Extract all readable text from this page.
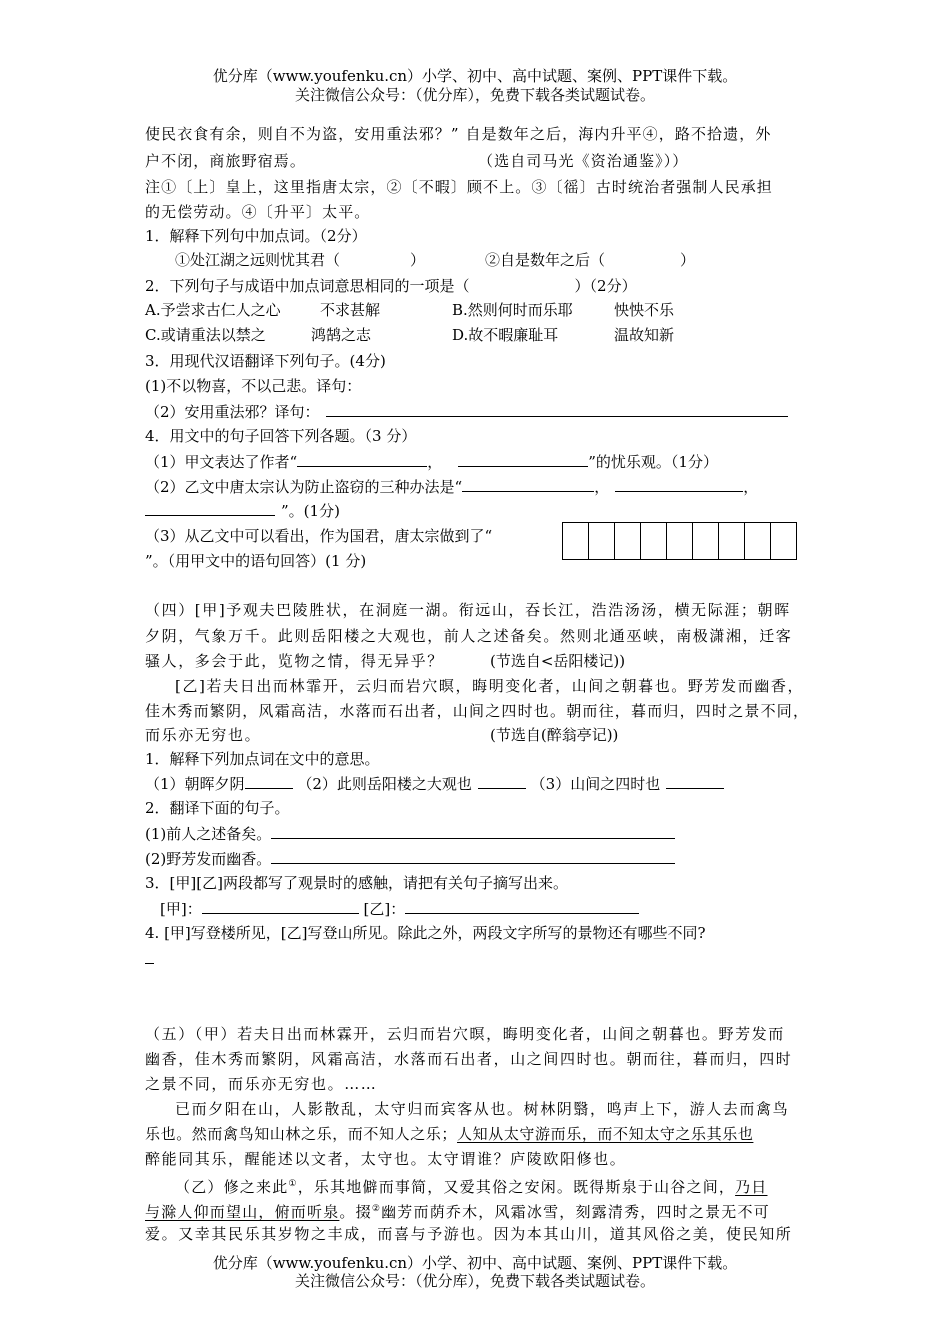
优分库（www.youfenku.cn）小学、初中、高中试题、案例、PPT课件下载。
关注微信公众号：（优分库），免费下载各类试题试卷。
使民衣食有余，则自不为盗，安用重法邪？” 自是数年之后，海内升平④，路不拾遗，外
户不闭，商旅野宿焉。	（选自司马光《资治通鉴》））
注①〔上〕皇上，这里指唐太宗，②〔不暇〕顾不上。③〔徭〕古时统治者强制人民承担
的无偿劳动。④〔升平〕太平。
1．解释下列句中加点词。（2分）
①处江湖之远则忧其君（	）	②自是数年之后（	）
2．下列句子与成语中加点词意思相同的一项是（	）（2分）
A.予尝求古仁人之心	不求甚解	B.然则何时而乐耶	怏怏不乐
C.或请重法以禁之	鸿鹄之志	D.故不暇廉耻耳	温故知新
3．用现代汉语翻译下列句子。(4分)
(1)不以物喜，不以己悲。译句：
（2）安用重法邪？译句：
4．用文中的句子回答下列各题。（3 分）
（1）甲文表达了作者“	，	”的忧乐观。（1分）
（2）乙文中唐太宗认为防止盗窃的三种办法是“	，	，
”。(1分)
（3）从乙文中可以看出，作为国君，唐太宗做到了“
”。（用甲文中的语句回答）(1 分)
（四）[甲]予观夫巴陵胜状，在洞庭一湖。衔远山，吞长江，浩浩汤汤，横无际涯；朝晖
夕阴，气象万千。此则岳阳楼之大观也，前人之述备矣。然则北通巫峡，南极潇湘，迁客
骚人，多会于此，览物之情，得无异乎？	(节选自<岳阳楼记))
[乙]若夫日出而林霏开，云归而岩穴暝，晦明变化者，山间之朝暮也。野芳发而幽香，
佳木秀而繁阴，风霜高洁，水落而石出者，山间之四时也。朝而往，暮而归，四时之景不同，
而乐亦无穷也。	(节选自(醉翁亭记))
1．解释下列加点词在文中的意思。
（1）朝晖夕阴	（2）此则岳阳楼之大观也	（3）山间之四时也
2．翻译下面的句子。
(1)前人之述备矣。
(2)野芳发而幽香。
3．[甲][乙]两段都写了观景时的感触，请把有关句子摘写出来。
[甲]：	[乙]：
4. [甲]写登楼所见，[乙]写登山所见。除此之外，两段文字所写的景物还有哪些不同?
（五）（甲）若夫日出而林霖开，云归而岩穴暝，晦明变化者，山间之朝暮也。野芳发而
幽香，佳木秀而繁阴，风霜高洁，水落而石出者，山之间四时也。朝而往，暮而归，四时
之景不同，而乐亦无穷也。……
已而夕阳在山，人影散乱，太守归而宾客从也。树林阴翳，鸣声上下，游人去而禽鸟
乐也。然而禽鸟知山林之乐，而不知人之乐；人知从太守游而乐，而不知太守之乐其乐也
醉能同其乐，醒能述以文者，太守也。太守谓谁？庐陵欧阳修也。
（乙）修之来此①，乐其地僻而事简，又爱其俗之安闲。既得斯泉于山谷之间，乃日
与滁人仰而望山，俯而听泉。掇②幽芳而荫乔木，风霜冰雪，刻露清秀，四时之景无不可
爱。又幸其民乐其岁物之丰成，而喜与予游也。因为本其山川，道其风俗之美，使民知所
优分库（www.youfenku.cn）小学、初中、高中试题、案例、PPT课件下载。
关注微信公众号：（优分库），免费下载各类试题试卷。
